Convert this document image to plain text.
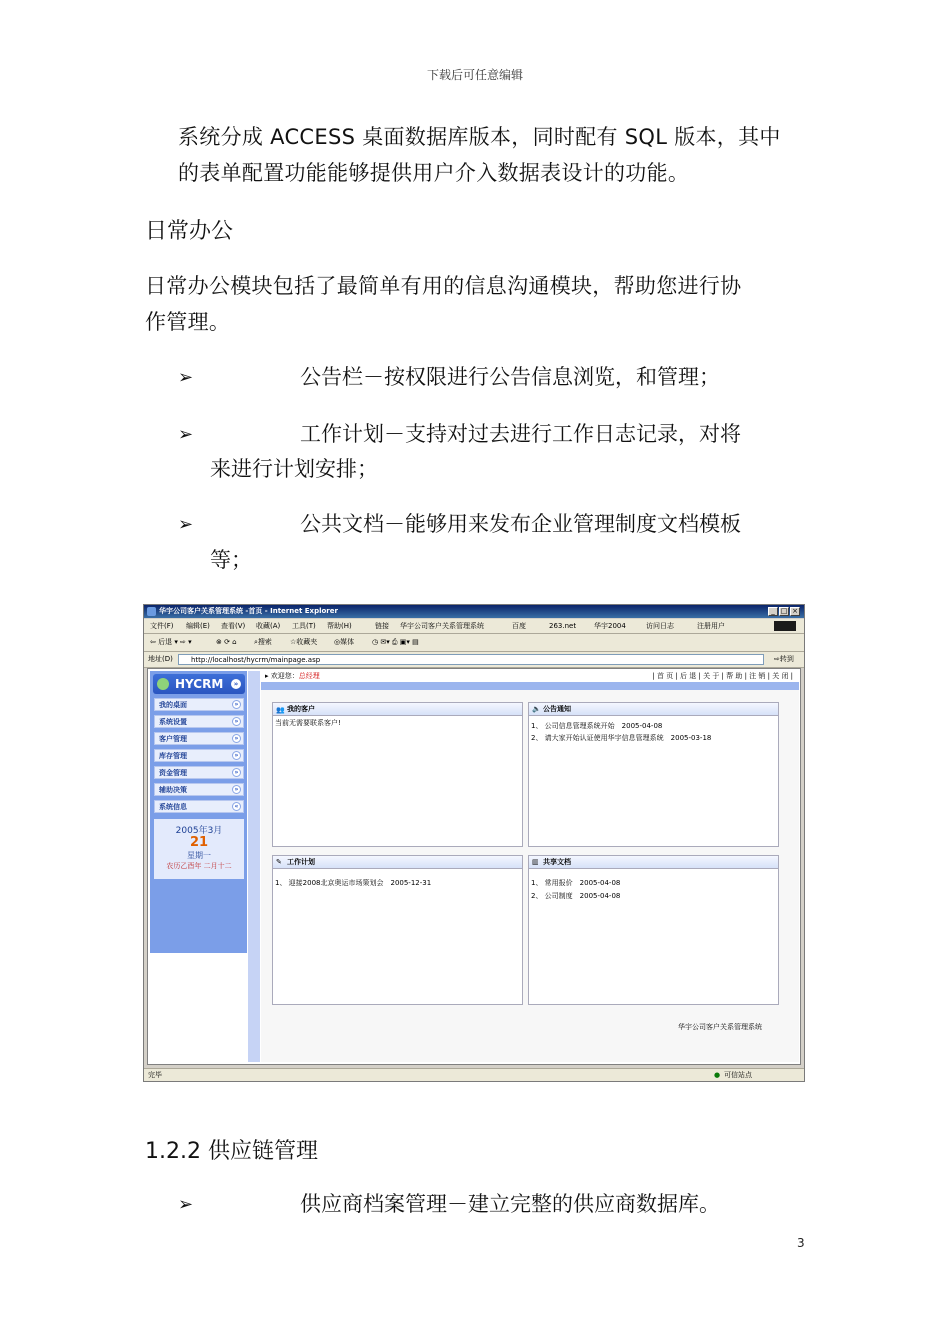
下载后可任意编辑
系统分成 ACCESS 桌面数据库版本，同时配有 SQL 版本，其中
的表单配置功能能够提供用户介入数据表设计的功能。
日常办公
日常办公模块包括了最简单有用的信息沟通模块，帮助您进行协
作管理。
➢	公告栏－按权限进行公告信息浏览，和管理；
➢	工作计划－支持对过去进行工作日志记录，对将
来进行计划安排；
➢	公共文档－能够用来发布企业管理制度文档模板
等；
华宇公司客户关系管理系统 -首页 - Internet Explorer	_ □ ×
文件(F) 编辑(E) 查看(V) 收藏(A) 工具(T) 帮助(H)	链接 华宇公司客户关系管理系统	百度	263.net	华宇2004	访问日志	注册用户
⇦ 后退 ▾ ⇨ ▾	⊗ ⟳ ⌂ ⌕搜索	☆收藏夹 ◎媒体	◷ ✉▾ ⎙ ▣▾ ▤
地址(D)	⇨转到
http://localhost/hycrm/mainpage.asp
HYCRM	»
我的桌面	»
系统设置	»
客户管理	»
库存管理	»
资金管理	»
辅助决策	»
系统信息	«
2005年3月
21
星期一
农历乙酉年 二月十二
▸ 欢迎您：总经理	| 首 页 | 后 退 | 关 于 | 帮 助 | 注 销 | 关 闭 |
我的客户
👥
当前无需要联系客户!
公告通知
🔈
1、 公司信息管理系统开始　2005-04-08
2、 请大家开始认证使用华宇信息管理系统　2005-03-18
工作计划
✎
1、 迎接2008北京奥运市场策划会　2005-12-31
共享文档
▥
1、 常用报价　2005-04-08
2、 公司制度　2005-04-08
华宇公司客户关系管理系统
完毕	● 可信站点
1.2.2 供应链管理
➢	供应商档案管理－建立完整的供应商数据库。
3
